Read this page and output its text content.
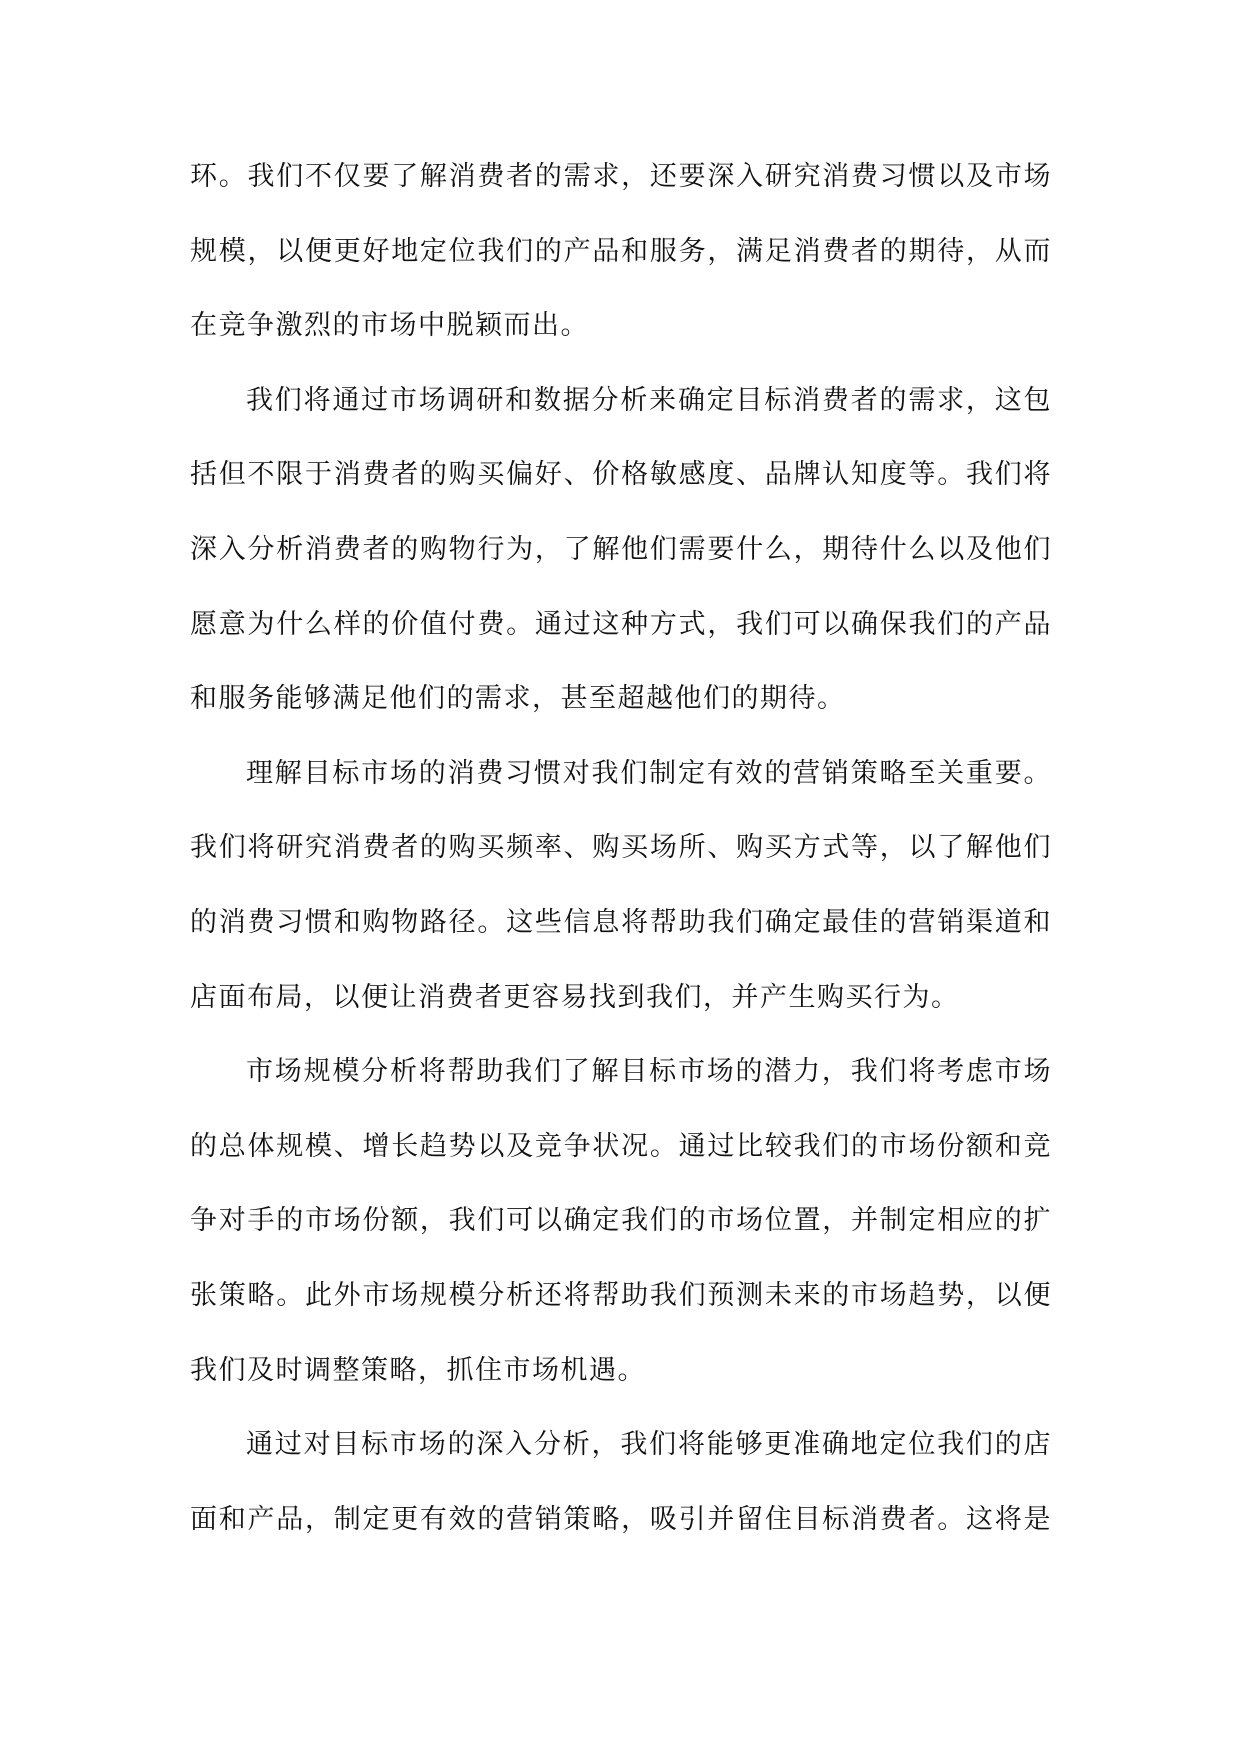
环。我们不仅要了解消费者的需求，还要深入研究消费习惯以及市场
规模，以便更好地定位我们的产品和服务，满足消费者的期待，从而
在竞争激烈的市场中脱颖而出。
我们将通过市场调研和数据分析来确定目标消费者的需求，这包
括但不限于消费者的购买偏好、价格敏感度、品牌认知度等。我们将
深入分析消费者的购物行为，了解他们需要什么，期待什么以及他们
愿意为什么样的价值付费。通过这种方式，我们可以确保我们的产品
和服务能够满足他们的需求，甚至超越他们的期待。
理解目标市场的消费习惯对我们制定有效的营销策略至关重要。
我们将研究消费者的购买频率、购买场所、购买方式等，以了解他们
的消费习惯和购物路径。这些信息将帮助我们确定最佳的营销渠道和
店面布局，以便让消费者更容易找到我们，并产生购买行为。
市场规模分析将帮助我们了解目标市场的潜力，我们将考虑市场
的总体规模、增长趋势以及竞争状况。通过比较我们的市场份额和竞
争对手的市场份额，我们可以确定我们的市场位置，并制定相应的扩
张策略。此外市场规模分析还将帮助我们预测未来的市场趋势，以便
我们及时调整策略，抓住市场机遇。
通过对目标市场的深入分析，我们将能够更准确地定位我们的店
面和产品，制定更有效的营销策略，吸引并留住目标消费者。这将是
